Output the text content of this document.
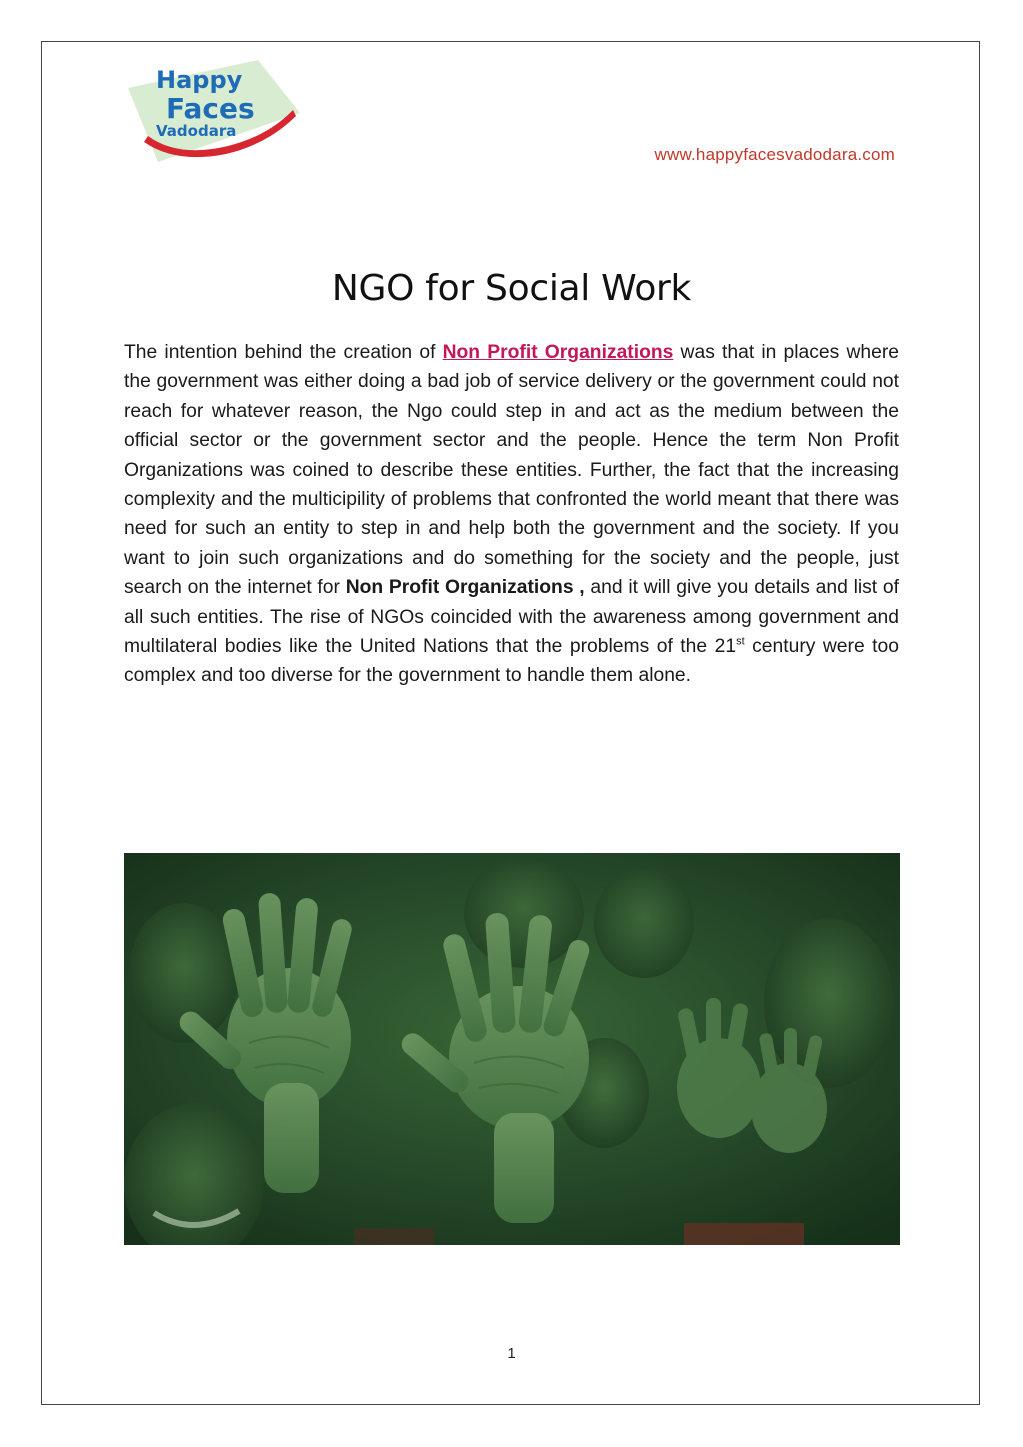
Happy
Faces
Vadodara
www.happyfacesvadodara.com
NGO for Social Work

The intention behind the creation of Non Profit Organizations was that in places where the government was either doing a bad job of service delivery or the government could not reach for whatever reason, the Ngo could step in and act as the medium between the official sector or the government sector and the people. Hence the term Non Profit Organizations was coined to describe these entities. Further, the fact that the increasing complexity and the multicipility of problems that confronted the world meant that there was need for such an entity to step in and help both the government and the society. If you want to join such organizations and do something for the society and the people, just search on the internet for Non Profit Organizations , and it will give you details and list of all such entities. The rise of NGOs coincided with the awareness among government and multilateral bodies like the United Nations that the problems of the 21st century were too complex and too diverse for the government to handle them alone.

1
